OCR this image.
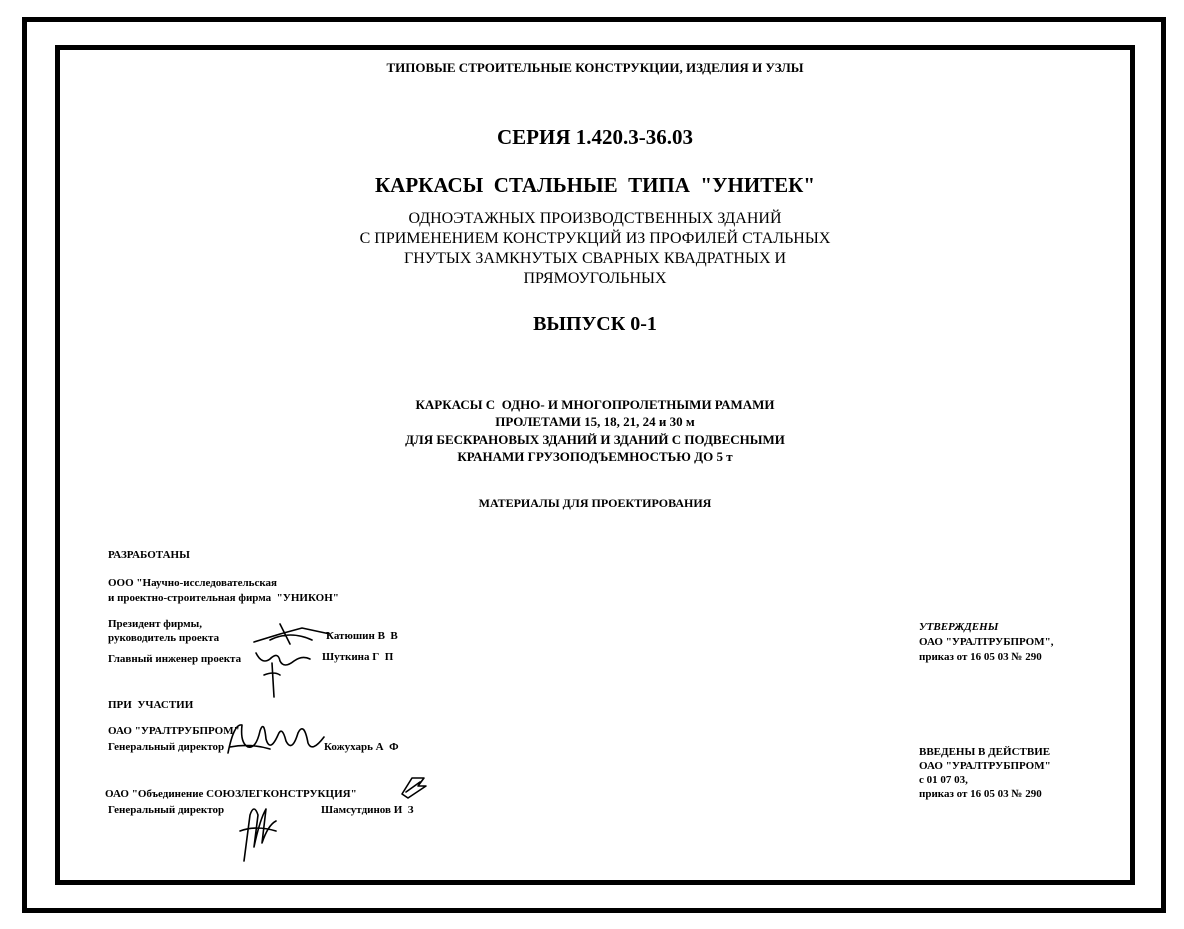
ТИПОВЫЕ СТРОИТЕЛЬНЫЕ КОНСТРУКЦИИ, ИЗДЕЛИЯ И УЗЛЫ
СЕРИЯ 1.420.3-36.03
КАРКАСЫ  СТАЛЬНЫЕ  ТИПА  "УНИТЕК"
ОДНОЭТАЖНЫХ ПРОИЗВОДСТВЕННЫХ ЗДАНИЙ
С ПРИМЕНЕНИЕМ КОНСТРУКЦИЙ ИЗ ПРОФИЛЕЙ СТАЛЬНЫХ
ГНУТЫХ ЗАМКНУТЫХ СВАРНЫХ КВАДРАТНЫХ И
ПРЯМОУГОЛЬНЫХ
ВЫПУСК 0-1
КАРКАСЫ С  ОДНО- И МНОГОПРОЛЕТНЫМИ РАМАМИ
ПРОЛЕТАМИ 15, 18, 21, 24 и 30 м
ДЛЯ БЕСКРАНОВЫХ ЗДАНИЙ И ЗДАНИЙ С ПОДВЕСНЫМИ
КРАНАМИ ГРУЗОПОДЪЕМНОСТЬЮ ДО 5 т
МАТЕРИАЛЫ ДЛЯ ПРОЕКТИРОВАНИЯ
РАЗРАБОТАНЫ
ООО "Научно-исследовательская
и проектно-строительная фирма  "УНИКОН"
Президент фирмы,
руководитель проекта	Катюшин В  В
Главный инженер проекта	Шуткина Г  П
ПРИ  УЧАСТИИ
ОАО "УРАЛТРУБПРОМ"
Генеральный директор	Кожухарь А  Ф
ОАО "Объединение СОЮЗЛЕГКОНСТРУКЦИЯ"
Генеральный директор	Шамсутдинов И  З
УТВЕРЖДЕНЫ
ОАО "УРАЛТРУБПРОМ",
приказ от 16 05 03 № 290
ВВЕДЕНЫ В ДЕЙСТВИЕ
ОАО "УРАЛТРУБПРОМ"
с 01 07 03,
приказ от 16 05 03 № 290
